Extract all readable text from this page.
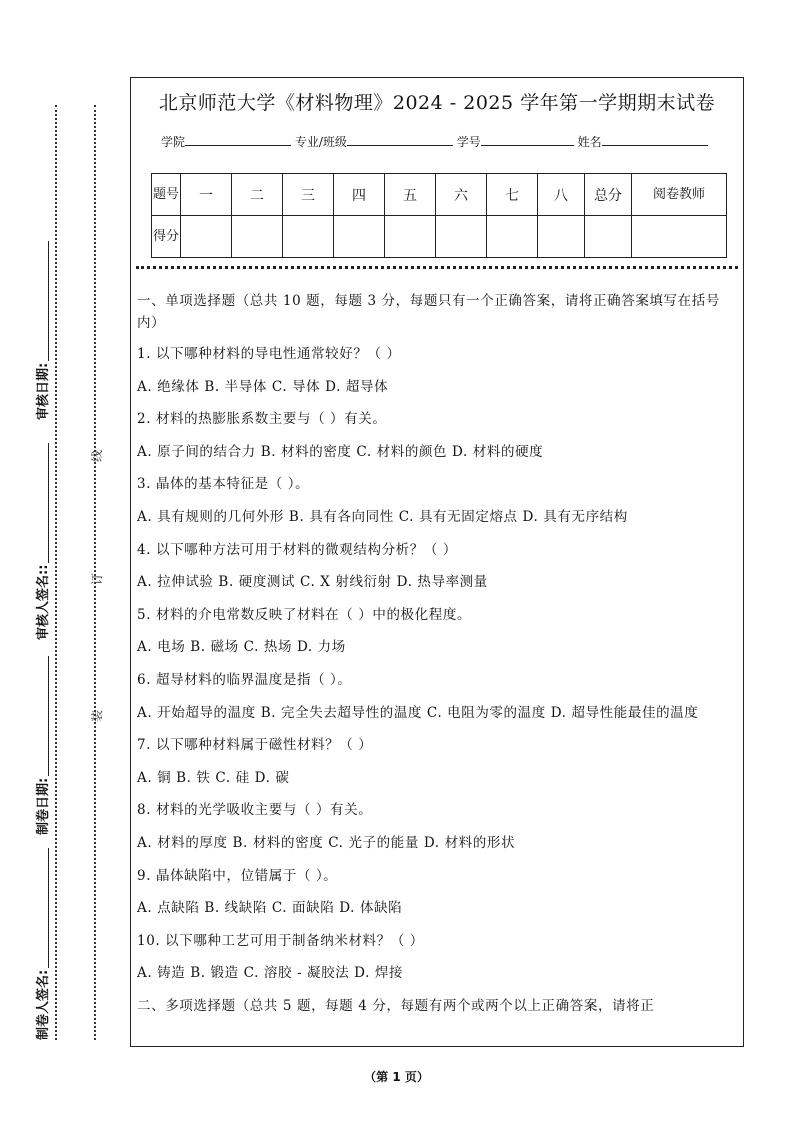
审核日期:
审核人签名::
制卷日期:
制卷人签名:
线
订
装
北京师范大学《材料物理》2024 - 2025 学年第一学期期末试卷
学院	专业/班级	学号	姓名
题号	一	二	三	四	五	六	七	八	总分	阅卷教师
得分										

一、单项选择题（总共 10 题，每题 3 分，每题只有一个正确答案，请将正确答案填写在括号内）

1. 以下哪种材料的导电性通常较好？（ ）

A. 绝缘体 B. 半导体 C. 导体 D. 超导体

2. 材料的热膨胀系数主要与（ ）有关。

A. 原子间的结合力 B. 材料的密度 C. 材料的颜色 D. 材料的硬度

3. 晶体的基本特征是（ ）。

A. 具有规则的几何外形 B. 具有各向同性 C. 具有无固定熔点 D. 具有无序结构

4. 以下哪种方法可用于材料的微观结构分析？（ ）

A. 拉伸试验 B. 硬度测试 C. X 射线衍射 D. 热导率测量

5. 材料的介电常数反映了材料在（ ）中的极化程度。

A. 电场 B. 磁场 C. 热场 D. 力场

6. 超导材料的临界温度是指（ ）。

A. 开始超导的温度 B. 完全失去超导性的温度 C. 电阻为零的温度 D. 超导性能最佳的温度

7. 以下哪种材料属于磁性材料？（ ）

A. 铜 B. 铁 C. 硅 D. 碳

8. 材料的光学吸收主要与（ ）有关。

A. 材料的厚度 B. 材料的密度 C. 光子的能量 D. 材料的形状

9. 晶体缺陷中，位错属于（ ）。

A. 点缺陷 B. 线缺陷 C. 面缺陷 D. 体缺陷

10. 以下哪种工艺可用于制备纳米材料？（ ）

A. 铸造 B. 锻造 C. 溶胶 - 凝胶法 D. 焊接

二、多项选择题（总共 5 题，每题 4 分，每题有两个或两个以上正确答案，请将正

（第 1 页）
